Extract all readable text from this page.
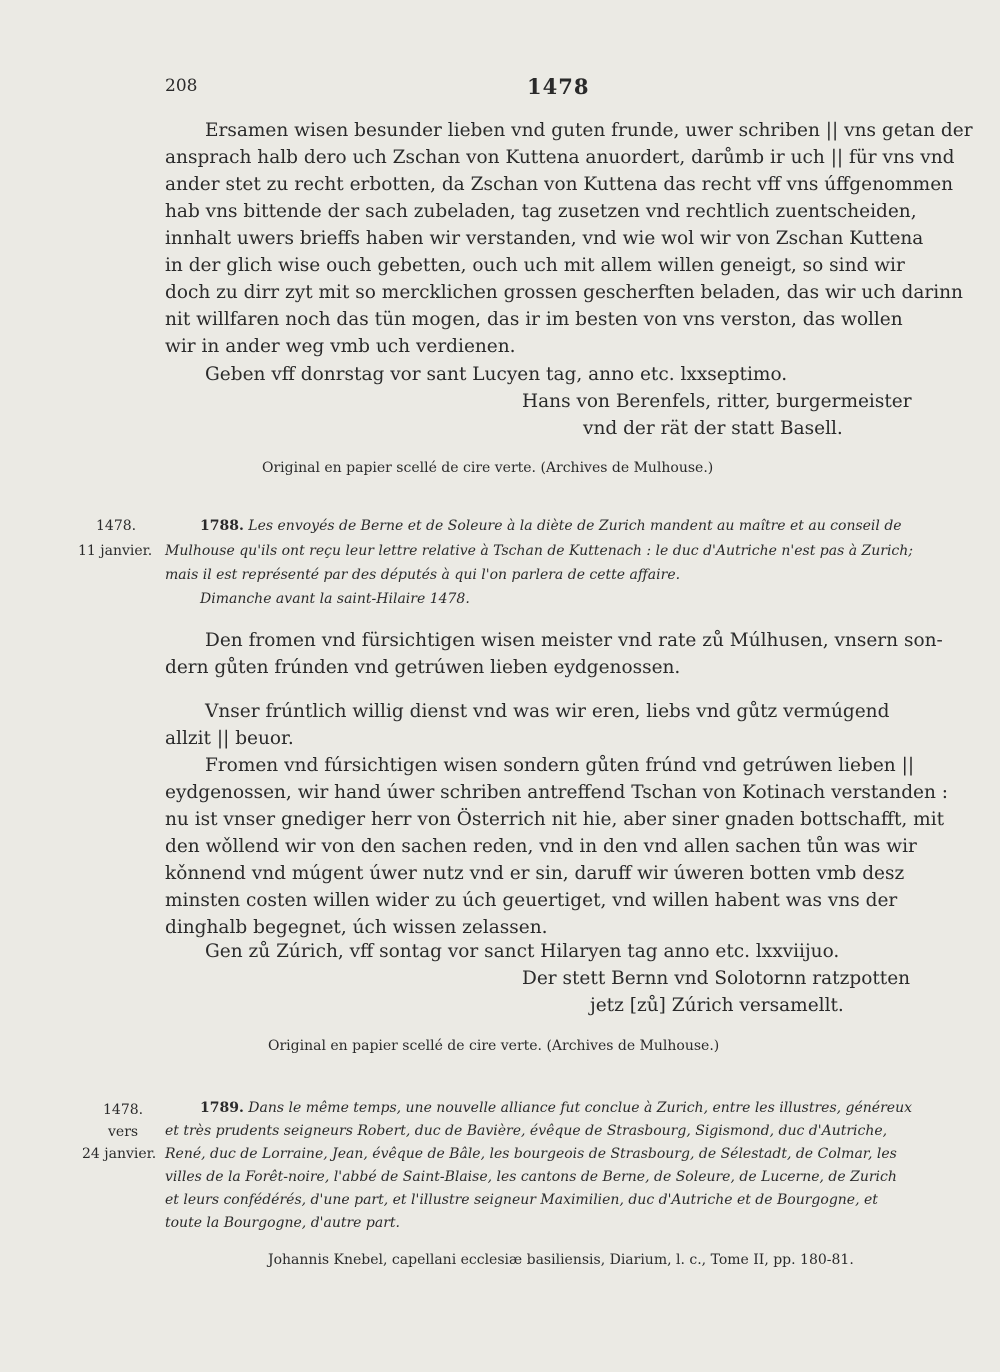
208	1478
Ersamen wisen besunder lieben vnd guten frunde, uwer schriben || vns getan der
ansprach halb dero uch Zschan von Kuttena anuordert, darůmb ir uch || für vns vnd
ander stet zu recht erbotten, da Zschan von Kuttena das recht vff vns úffgenommen
hab vns bittende der sach zubeladen, tag zusetzen vnd rechtlich zuentscheiden,
innhalt uwers brieffs haben wir verstanden, vnd wie wol wir von Zschan Kuttena
in der glich wise ouch gebetten, ouch uch mit allem willen geneigt, so sind wir
doch zu dirr zyt mit so mercklichen grossen gescherften beladen, das wir uch darinn
nit willfaren noch das tün mogen, das ir im besten von vns verston, das wollen
wir in ander weg vmb uch verdienen.
Geben vff donrstag vor sant Lucyen tag, anno etc. lxxseptimo.
Hans von Berenfels, ritter, burgermeister
vnd der rät der statt Basell.
Original en papier scellé de cire verte. (Archives de Mulhouse.)
1478.
11 janvier.
1788. Les envoyés de Berne et de Soleure à la diète de Zurich mandent au maître et au conseil de
Mulhouse qu'ils ont reçu leur lettre relative à Tschan de Kuttenach : le duc d'Autriche n'est pas à Zurich;
mais il est représenté par des députés à qui l'on parlera de cette affaire.
Dimanche avant la saint-Hilaire 1478.
Den fromen vnd fürsichtigen wisen meister vnd rate zů Múlhusen, vnsern son-
dern gůten frúnden vnd getrúwen lieben eydgenossen.
Vnser frúntlich willig dienst vnd was wir eren, liebs vnd gůtz vermúgend
allzit || beuor.
Fromen vnd fúrsichtigen wisen sondern gůten frúnd vnd getrúwen lieben ||
eydgenossen, wir hand úwer schriben antreffend Tschan von Kotinach verstanden :
nu ist vnser gnediger herr von Österrich nit hie, aber siner gnaden bottschafft, mit
den wǒllend wir von den sachen reden, vnd in den vnd allen sachen tůn was wir
kǒnnend vnd múgent úwer nutz vnd er sin, daruff wir úweren botten vmb desz
minsten costen willen wider zu úch geuertiget, vnd willen habent was vns der
dinghalb begegnet, úch wissen zelassen.
Gen zů Zúrich, vff sontag vor sanct Hilaryen tag anno etc. lxxviijuo.
Der stett Bernn vnd Solotornn ratzpotten
jetz [zů] Zúrich versamellt.
Original en papier scellé de cire verte. (Archives de Mulhouse.)
1478.
vers
24 janvier.
1789. Dans le même temps, une nouvelle alliance fut conclue à Zurich, entre les illustres, généreux
et très prudents seigneurs Robert, duc de Bavière, évêque de Strasbourg, Sigismond, duc d'Autriche,
René, duc de Lorraine, Jean, évêque de Bâle, les bourgeois de Strasbourg, de Sélestadt, de Colmar, les
villes de la Forêt-noire, l'abbé de Saint-Blaise, les cantons de Berne, de Soleure, de Lucerne, de Zurich
et leurs confédérés, d'une part, et l'illustre seigneur Maximilien, duc d'Autriche et de Bourgogne, et
toute la Bourgogne, d'autre part.
Johannis Knebel, capellani ecclesiæ basiliensis, Diarium, l. c., Tome II, pp. 180-81.
